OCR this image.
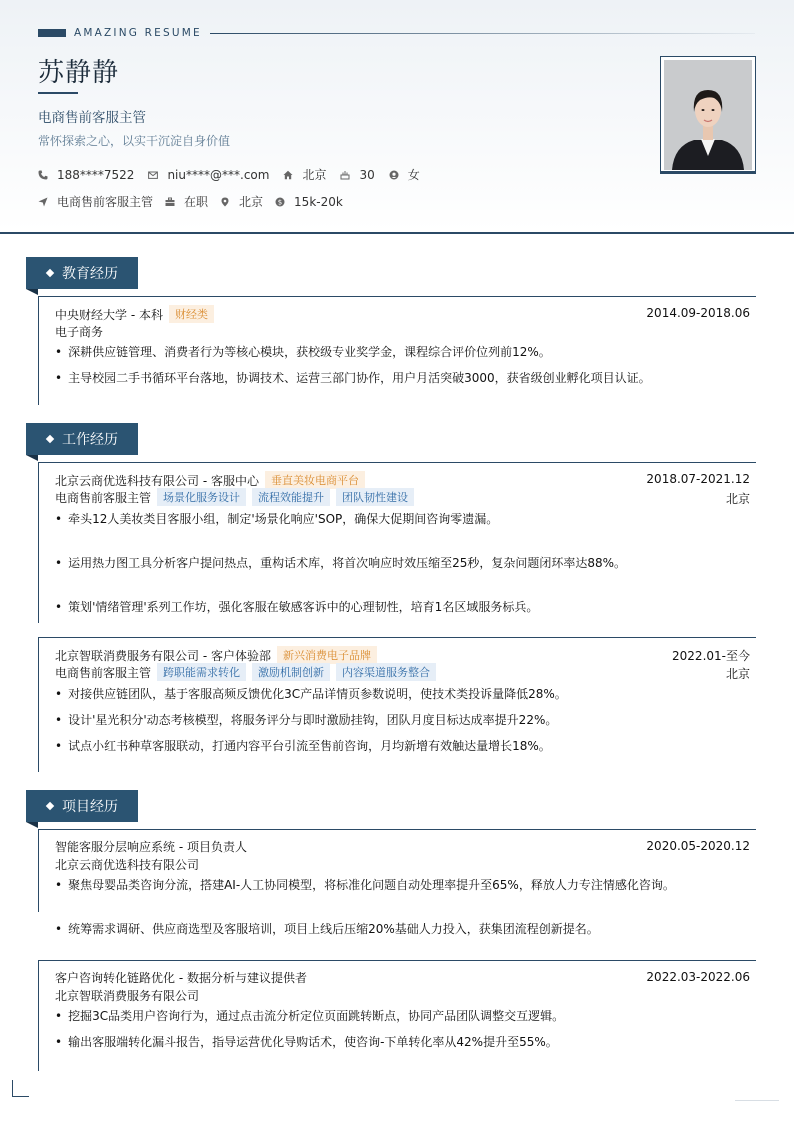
AMAZING RESUME
苏静静
电商售前客服主管
常怀探索之心，以实干沉淀自身价值
188****7522	niu****@***.com	北京	30	女
电商售前客服主管	在职	北京 $ 15k-20k
教育经历
中央财经大学 - 本科	财经类	2014.09-2018.06
电子商务
• 深耕供应链管理、消费者行为等核心模块，获校级专业奖学金，课程综合评价位列前12%。
• 主导校园二手书循环平台落地，协调技术、运营三部门协作，用户月活突破3000，获省级创业孵化项目认证。
工作经历
北京云商优选科技有限公司 - 客服中心	垂直美妆电商平台	2018.07-2021.12
电商售前客服主管	场景化服务设计	流程效能提升	团队韧性建设	北京
• 牵头12人美妆类目客服小组，制定'场景化响应'SOP，确保大促期间咨询零遗漏。
• 运用热力图工具分析客户提问热点，重构话术库，将首次响应时效压缩至25秒，复杂问题闭环率达88%。
• 策划'情绪管理'系列工作坊，强化客服在敏感客诉中的心理韧性，培育1名区域服务标兵。
北京智联消费服务有限公司 - 客户体验部	新兴消费电子品牌	2022.01-至今
电商售前客服主管	跨职能需求转化	激励机制创新	内容渠道服务整合	北京
• 对接供应链团队，基于客服高频反馈优化3C产品详情页参数说明，使技术类投诉量降低28%。
• 设计'星光积分'动态考核模型，将服务评分与即时激励挂钩，团队月度目标达成率提升22%。
• 试点小红书种草客服联动，打通内容平台引流至售前咨询，月均新增有效触达量增长18%。
项目经历
智能客服分层响应系统 - 项目负责人	2020.05-2020.12
北京云商优选科技有限公司
• 聚焦母婴品类咨询分流，搭建AI-人工协同模型，将标准化问题自动处理率提升至65%，释放人力专注情感化咨询。
• 统筹需求调研、供应商选型及客服培训，项目上线后压缩20%基础人力投入，获集团流程创新提名。
客户咨询转化链路优化 - 数据分析与建议提供者	2022.03-2022.06
北京智联消费服务有限公司
• 挖掘3C品类用户咨询行为，通过点击流分析定位页面跳转断点，协同产品团队调整交互逻辑。
• 输出客服端转化漏斗报告，指导运营优化导购话术，使咨询-下单转化率从42%提升至55%。
